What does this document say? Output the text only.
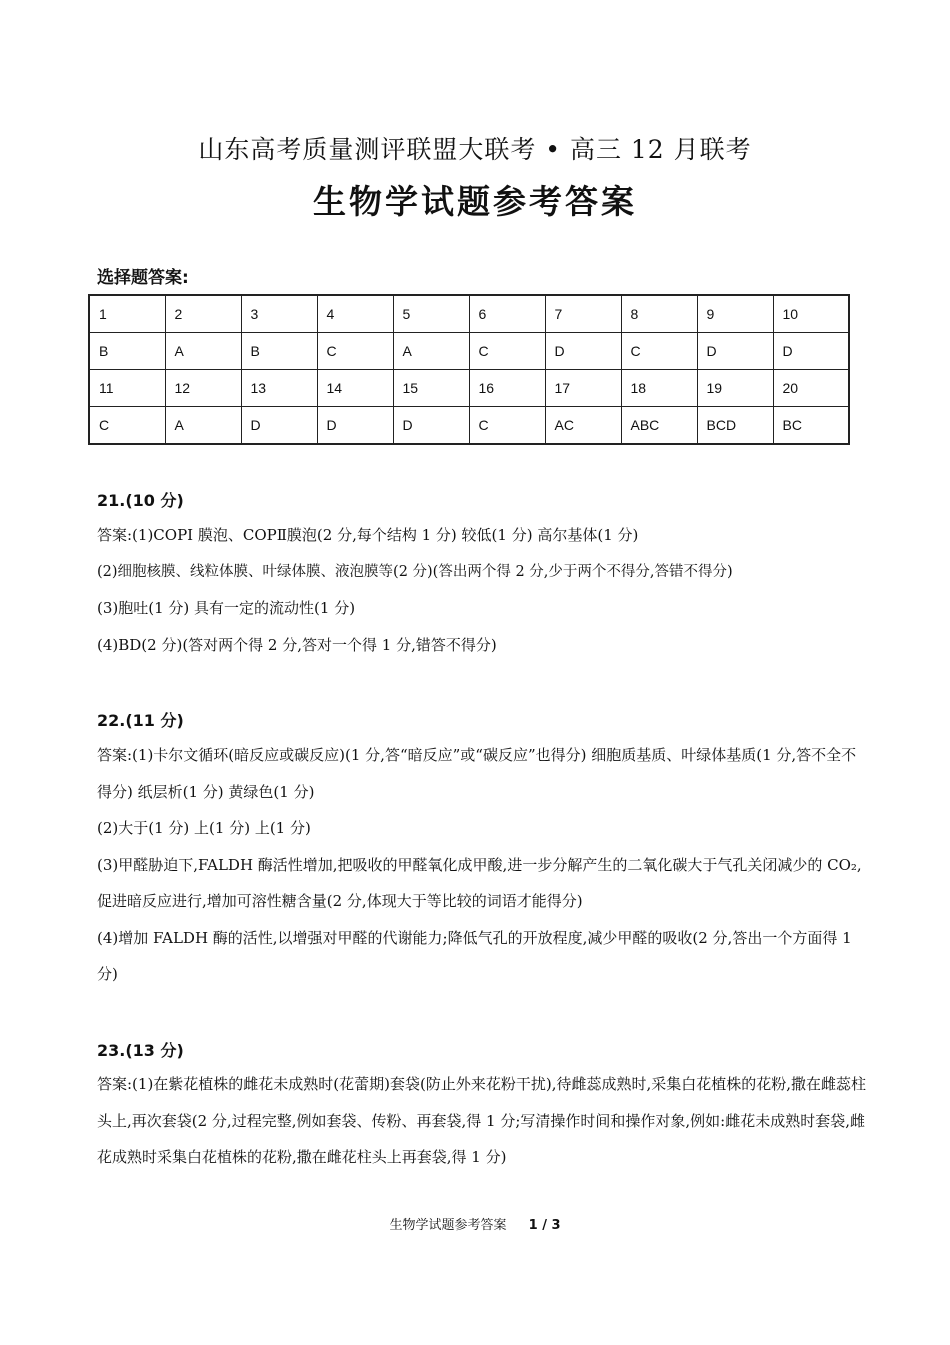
山东高考质量测评联盟大联考 • 高三 12 月联考
生物学试题参考答案
选择题答案:
1	2	3	4	5	6	7	8	9	10
B	A	B	C	A	C	D	C	D	D
11	12	13	14	15	16	17	18	19	20
C	A	D	D	D	C	AC	ABC	BCD	BC
21.(10 分)

答案:(1)COPI 膜泡、COPⅡ膜泡(2 分,每个结构 1 分) 较低(1 分) 高尔基体(1 分)

(2)细胞核膜、线粒体膜、叶绿体膜、液泡膜等(2 分)(答出两个得 2 分,少于两个不得分,答错不得分)

(3)胞吐(1 分) 具有一定的流动性(1 分)

(4)BD(2 分)(答对两个得 2 分,答对一个得 1 分,错答不得分)

22.(11 分)

答案:(1)卡尔文循环(暗反应或碳反应)(1 分,答“暗反应”或“碳反应”也得分) 细胞质基质、叶绿体基质(1 分,答不全不得分) 纸层析(1 分) 黄绿色(1 分)

(2)大于(1 分) 上(1 分) 上(1 分)

(3)甲醛胁迫下,FALDH 酶活性增加,把吸收的甲醛氧化成甲酸,进一步分解产生的二氧化碳大于气孔关闭减少的 CO₂,促进暗反应进行,增加可溶性糖含量(2 分,体现大于等比较的词语才能得分)

(4)增加 FALDH 酶的活性,以增强对甲醛的代谢能力;降低气孔的开放程度,减少甲醛的吸收(2 分,答出一个方面得 1 分)

23.(13 分)

答案:(1)在紫花植株的雌花未成熟时(花蕾期)套袋(防止外来花粉干扰),待雌蕊成熟时,采集白花植株的花粉,撒在雌蕊柱头上,再次套袋(2 分,过程完整,例如套袋、传粉、再套袋,得 1 分;写清操作时间和操作对象,例如:雌花未成熟时套袋,雌花成熟时采集白花植株的花粉,撒在雌花柱头上再套袋,得 1 分)

生物学试题参考答案 1 / 3
